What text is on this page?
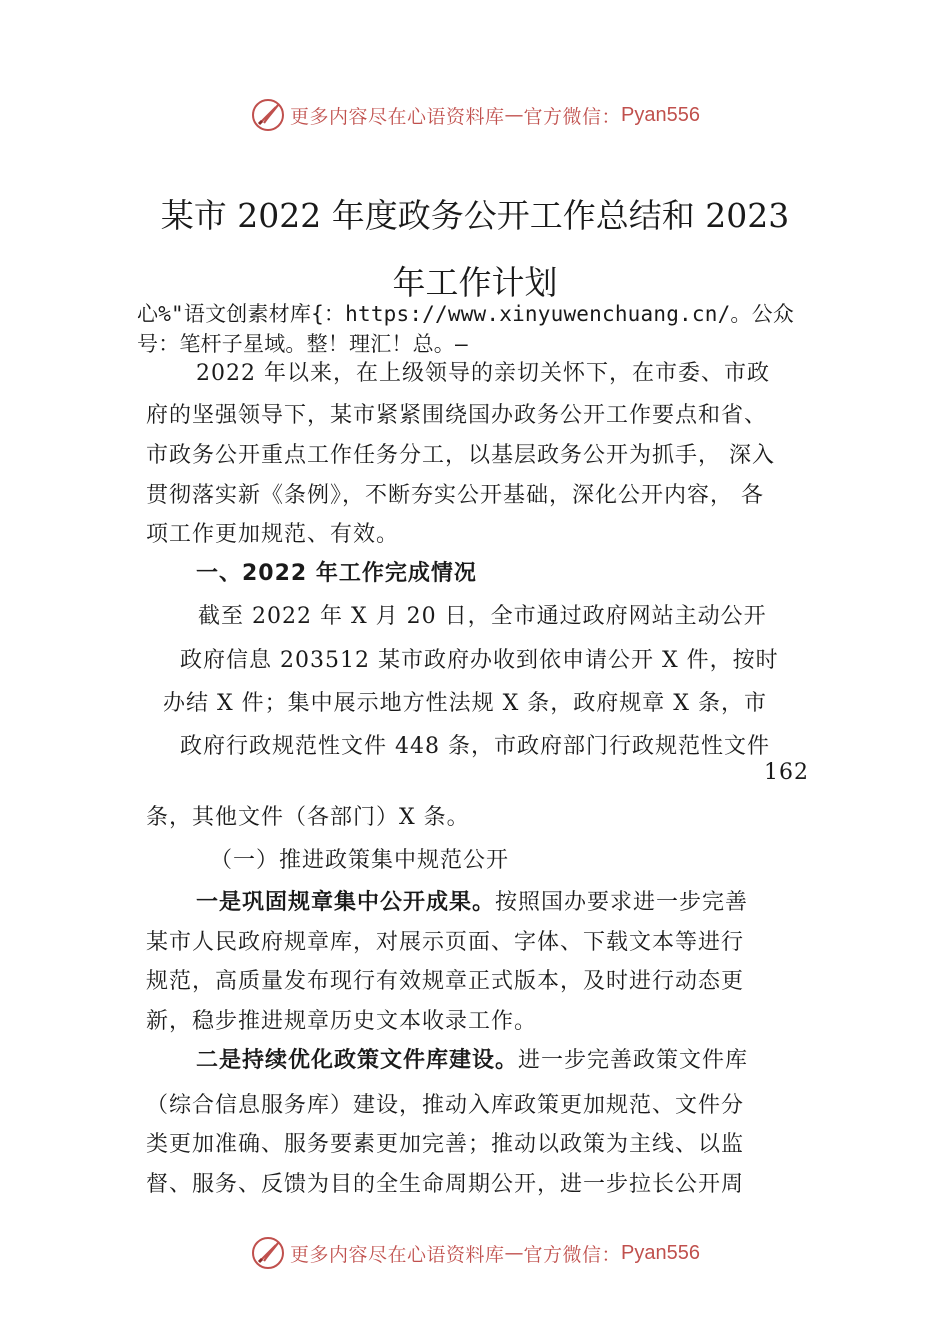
更多内容尽在心语资料库 — 官方微信： Pyan556
某市 2022 年度政务公开工作总结和 2023
年工作计划
心%"语文创素材库{：https://www.xinyuwenchuang.cn/。公众
号：笔杆子星域。整！理汇！总。—
2022 年以来，在上级领导的亲切关怀下，在市委、市政
府的坚强领导下，某市紧紧围绕国办政务公开工作要点和省、
市政务公开重点工作任务分工，以基层政务公开为抓手， 深入
贯彻落实新《条例》，不断夯实公开基础，深化公开内容， 各
项工作更加规范、有效。
一、2022 年工作完成情况
截至 2022 年 X 月 20 日，全市通过政府网站主动公开
政府信息 203512 某市政府办收到依申请公开 X 件，按时
办结 X 件；集中展示地方性法规 X 条，政府规章 X 条，市
政府行政规范性文件 448 条，市政府部门行政规范性文件
162
条，其他文件（各部门）X 条。
（一）推进政策集中规范公开
一是巩固规章集中公开成果。按照国办要求进一步完善
某市人民政府规章库，对展示页面、字体、下载文本等进行
规范，高质量发布现行有效规章正式版本，及时进行动态更
新，稳步推进规章历史文本收录工作。
二是持续优化政策文件库建设。进一步完善政策文件库
（综合信息服务库）建设，推动入库政策更加规范、文件分
类更加准确、服务要素更加完善；推动以政策为主线、以监
督、服务、反馈为目的全生命周期公开，进一步拉长公开周
更多内容尽在心语资料库 — 官方微信： Pyan556
